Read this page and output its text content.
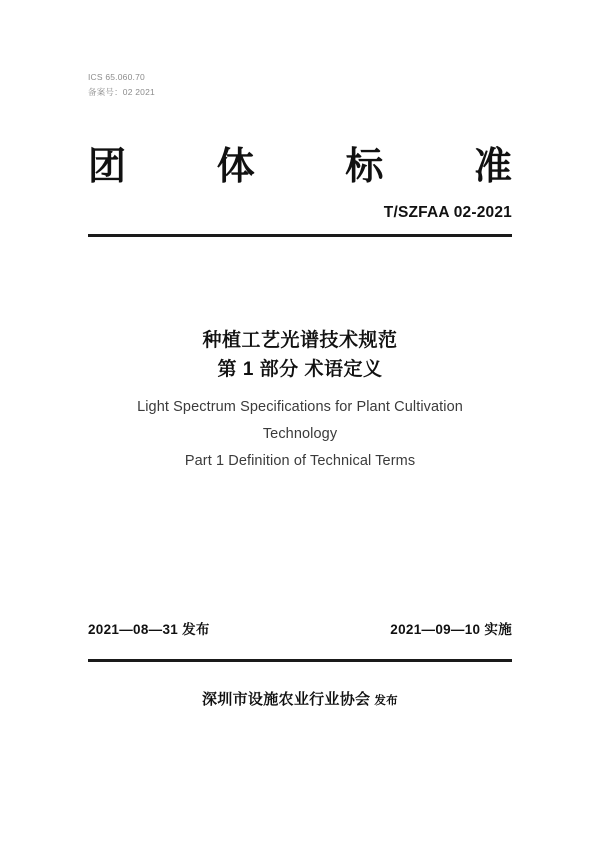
ICS 65.060.70
备案号：02 2021
团 体 标 准
T/SZFAA 02-2021
种植工艺光谱技术规范
第 1 部分 术语定义
Light Spectrum Specifications for Plant Cultivation
Technology
Part 1 Definition of Technical Terms
2021—08—31 发布	2021—09—10 实施
深圳市设施农业行业协会 发布
